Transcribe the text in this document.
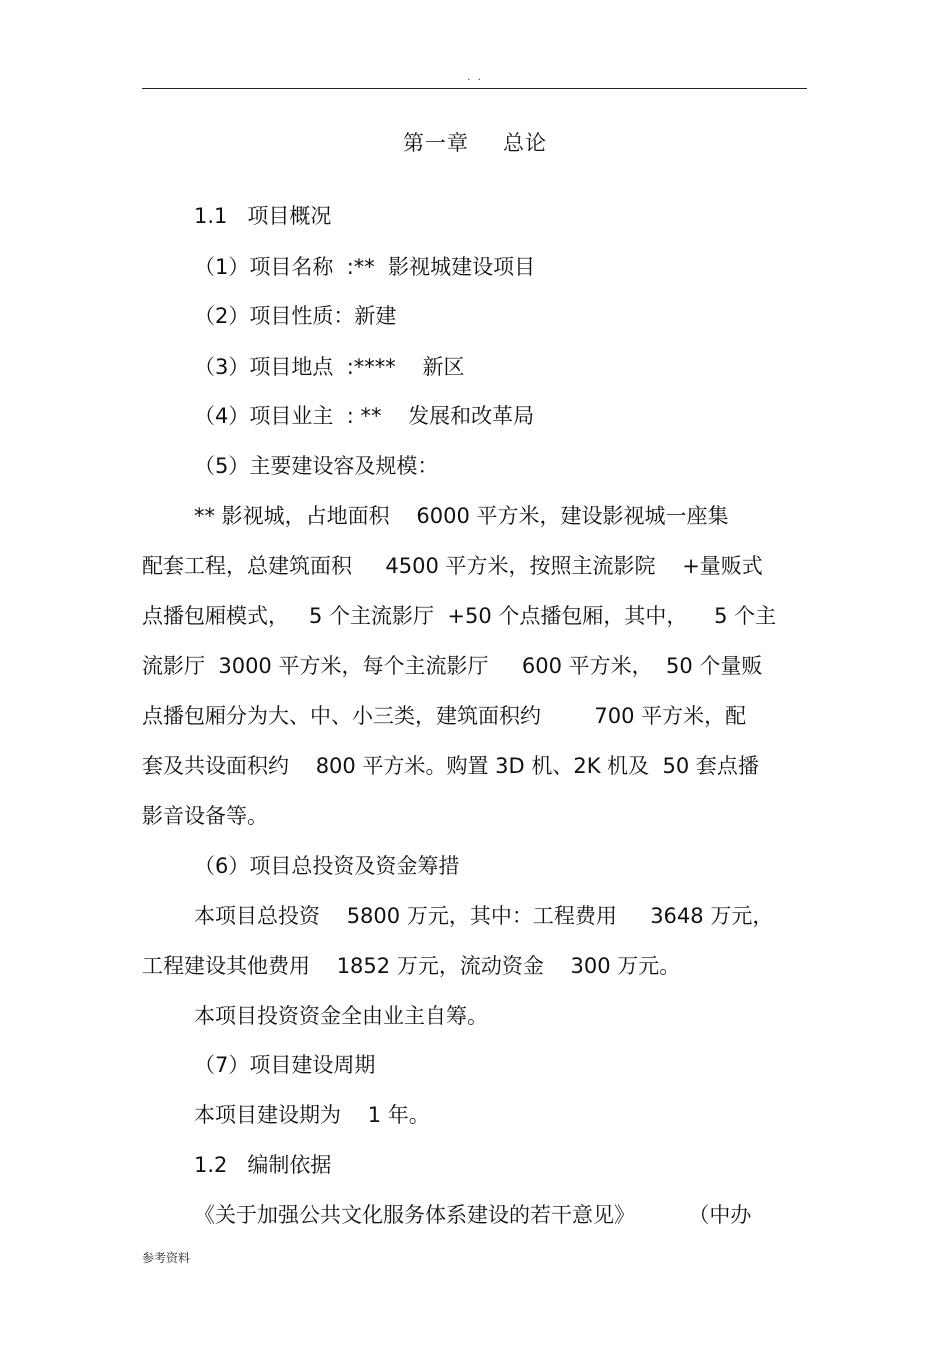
. .
第一章 总论
1.1   项目概况
（1）项目名称  :**  影视城建设项目
（2）项目性质：新建
（3）项目地点  :****    新区
（4）项目业主  : **    发展和改革局
（5）主要建设容及规模：
** 影视城，占地面积    6000 平方米，建设影视城一座集
配套工程，总建筑面积     4500 平方米，按照主流影院    +量贩式
点播包厢模式，   5 个主流影厅  +50 个点播包厢，其中，    5 个主
流影厅  3000 平方米，每个主流影厅     600 平方米，  50 个量贩
点播包厢分为大、中、小三类，建筑面积约        700 平方米，配
套及共设面积约    800 平方米。购置 3D 机、2K 机及  50 套点播
影音设备等。
（6）项目总投资及资金筹措
本项目总投资    5800 万元，其中：工程费用     3648 万元，
工程建设其他费用    1852 万元，流动资金    300 万元。
本项目投资资金全由业主自筹。
（7）项目建设周期
本项目建设期为    1 年。
1.2   编制依据
《关于加强公共文化服务体系建设的若干意见》        （中办
参考资料
